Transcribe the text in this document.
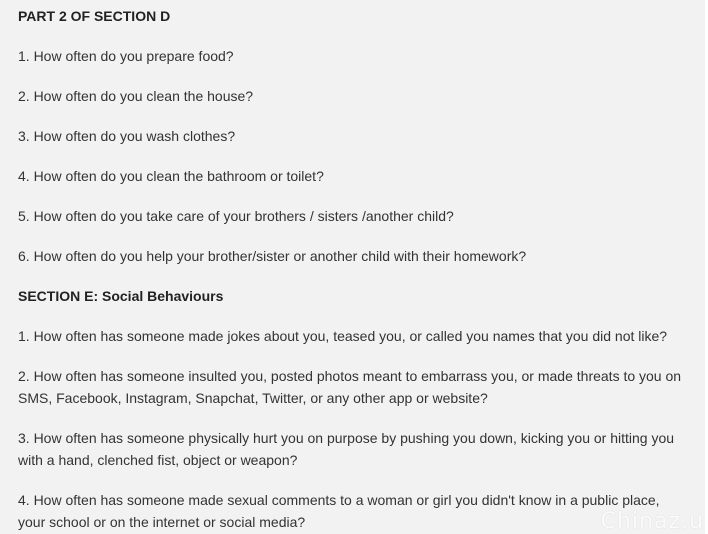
PART 2 OF SECTION D
1. How often do you prepare food?
2. How often do you clean the house?
3. How often do you wash clothes?
4. How often do you clean the bathroom or toilet?
5. How often do you take care of your brothers / sisters /another child?
6. How often do you help your brother/sister or another child with their homework?
SECTION E: Social Behaviours
1. How often has someone made jokes about you, teased you, or called you names that you did not like?
2. How often has someone insulted you, posted photos meant to embarrass you, or made threats to you on SMS, Facebook, Instagram, Snapchat, Twitter, or any other app or website?
3. How often has someone physically hurt you on purpose by pushing you down, kicking you or hitting you with a hand, clenched fist, object or weapon?
4. How often has someone made sexual comments to a woman or girl you didn't know in a public place, your school or on the internet or social media?	Chinaz.u
